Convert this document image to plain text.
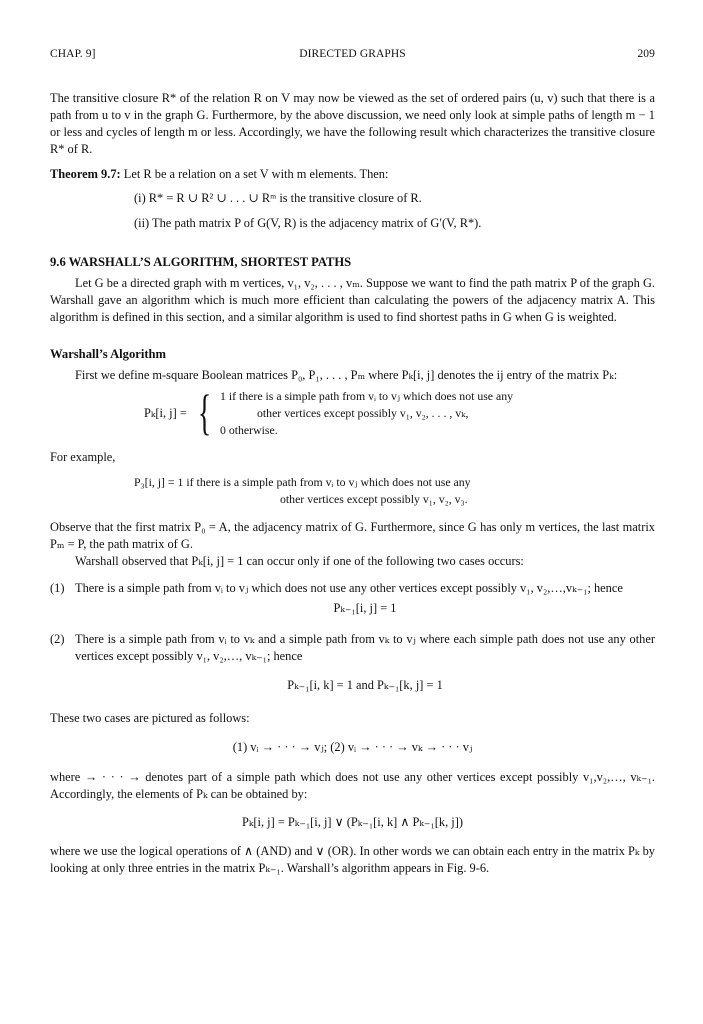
CHAP. 9]	DIRECTED GRAPHS	209

The transitive closure R* of the relation R on V may now be viewed as the set of ordered pairs (u, v) such that there is a path from u to v in the graph G. Furthermore, by the above discussion, we need only look at simple paths of length m − 1 or less and cycles of length m or less. Accordingly, we have the following result which characterizes the transitive closure R* of R.

Theorem 9.7: Let R be a relation on a set V with m elements. Then:

(i) R* = R ∪ R² ∪ . . . ∪ Rᵐ is the transitive closure of R.

(ii) The path matrix P of G(V, R) is the adjacency matrix of G′(V, R*).

9.6 WARSHALL’S ALGORITHM, SHORTEST PATHS

Let G be a directed graph with m vertices, v₁, v₂, . . . , vₘ. Suppose we want to find the path matrix P of the graph G. Warshall gave an algorithm which is much more efficient than calculating the powers of the adjacency matrix A. This algorithm is defined in this section, and a similar algorithm is used to find shortest paths in G when G is weighted.

Warshall’s Algorithm

First we define m-square Boolean matrices P₀, P₁, . . . , Pₘ where Pₖ[i, j] denotes the ij entry of the matrix Pₖ:

Pₖ[i, j] = { 1 if there is a simple path from vᵢ to vⱼ which does not use any
other vertices except possibly v₁, v₂, . . . , vₖ,
0 otherwise.

For example,

P₃[i, j] = 1 if there is a simple path from vᵢ to vⱼ which does not use any
other vertices except possibly v₁, v₂, v₃.

Observe that the first matrix P₀ = A, the adjacency matrix of G. Furthermore, since G has only m vertices, the last matrix Pₘ = P, the path matrix of G.

Warshall observed that Pₖ[i, j] = 1 can occur only if one of the following two cases occurs:

(1) There is a simple path from vᵢ to vⱼ which does not use any other vertices except possibly v₁, v₂,…,vₖ₋₁; hence

Pₖ₋₁[i, j] = 1

(2) There is a simple path from vᵢ to vₖ and a simple path from vₖ to vⱼ where each simple path does not use any other vertices except possibly v₁, v₂,…, vₖ₋₁; hence

Pₖ₋₁[i, k] = 1 and Pₖ₋₁[k, j] = 1

These two cases are pictured as follows:

(1) vᵢ → · · · → vⱼ; (2) vᵢ → · · · → vₖ → · · · vⱼ

where → · · · → denotes part of a simple path which does not use any other vertices except possibly v₁,v₂,…, vₖ₋₁. Accordingly, the elements of Pₖ can be obtained by:

Pₖ[i, j] = Pₖ₋₁[i, j] ∨ (Pₖ₋₁[i, k] ∧ Pₖ₋₁[k, j])

where we use the logical operations of ∧ (AND) and ∨ (OR). In other words we can obtain each entry in the matrix Pₖ by looking at only three entries in the matrix Pₖ₋₁. Warshall’s algorithm appears in Fig. 9-6.
